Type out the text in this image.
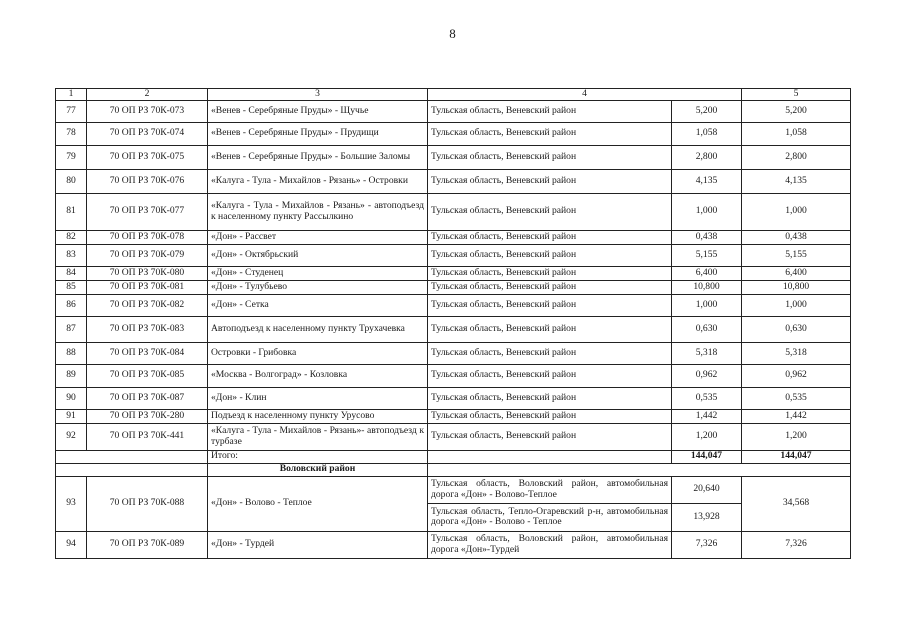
8
1	2	3	4		5
77	70 ОП РЗ 70К-073	«Венев - Серебряные Пруды» - Щучье	Тульская область, Веневский район	5,200	5,200
78	70 ОП РЗ 70К-074	«Венев - Серебряные Пруды» - Прудищи	Тульская область, Веневский район	1,058	1,058
79	70 ОП РЗ 70К-075	«Венев - Серебряные Пруды» - Большие Заломы	Тульская область, Веневский район	2,800	2,800
80	70 ОП РЗ 70К-076	«Калуга - Тула - Михайлов - Рязань» - Островки	Тульская область, Веневский район	4,135	4,135
81	70 ОП РЗ 70К-077	«Калуга - Тула - Михайлов - Рязань» - автоподъезд к населенному пункту Рассылкино	Тульская область, Веневский район	1,000	1,000
82	70 ОП РЗ 70К-078	«Дон» - Рассвет	Тульская область, Веневский район	0,438	0,438
83	70 ОП РЗ 70К-079	«Дон» - Октябрьский	Тульская область, Веневский район	5,155	5,155
84	70 ОП РЗ 70К-080	«Дон» - Студенец	Тульская область, Веневский район	6,400	6,400
85	70 ОП РЗ 70К-081	«Дон» - Тулубьево	Тульская область, Веневский район	10,800	10,800
86	70 ОП РЗ 70К-082	«Дон» - Сетка	Тульская область, Веневский район	1,000	1,000
87	70 ОП РЗ 70К-083	Автоподъезд к населенному пункту Трухачевка	Тульская область, Веневский район	0,630	0,630
88	70 ОП РЗ 70К-084	Островки - Грибовка	Тульская область, Веневский район	5,318	5,318
89	70 ОП РЗ 70К-085	«Москва - Волгоград» - Козловка	Тульская область, Веневский район	0,962	0,962
90	70 ОП РЗ 70К-087	«Дон» - Клин	Тульская область, Веневский район	0,535	0,535
91	70 ОП РЗ 70К-280	Подъезд к населенному пункту Урусово	Тульская область, Веневский район	1,442	1,442
92	70 ОП РЗ 70К-441	«Калуга - Тула - Михайлов - Рязань»- автоподъезд к турбазе	Тульская область, Веневский район	1,200	1,200
		Итого:		144,047	144,047
		Воловский район			
93	70 ОП РЗ 70К-088	«Дон» - Волово - Теплое	Тульская область, Воловский район, автомобильная дорога «Дон» - Волово-Теплое	20,640	34,568
			Тульская область, Тепло-Огаревский р-н, автомобильная дорога «Дон» - Волово - Теплое	13,928	
94	70 ОП РЗ 70К-089	«Дон» - Турдей	Тульская область, Воловский район, автомобильная дорога «Дон»-Турдей	7,326	7,326
